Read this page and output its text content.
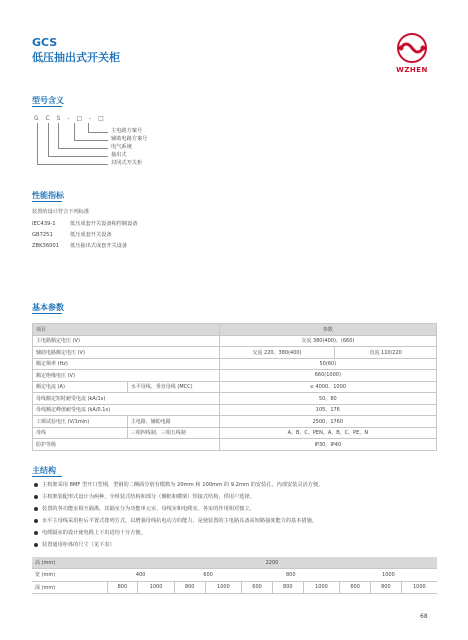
GCS
低压抽出式开关柜
WZHEN
型号含义
G C S - □ - □
主电路方案号
辅助电路方案号
电气系统
抽出式
封闭式开关柜
性能指标
装置的设计符合下列标准
IEC439-1	低压成套开关设备和控制设备
GB7251	低压成套开关设备
ZBK36001 低压抽出式成套开关设备
基本参数
项目		参数	
主电路额定电压 (V)		交流 380(400)、(660)	
辅助电路额定电压 (V)		交流 220、380(400)	直流 110/220
额定频率 (Hz)		50(60)	
额定绝缘电压 (V)		660(1000)	
额定电流 (A)	水平母线、垂直母线 (MCC)	≤ 4000、1000	
母线额定短时耐受电流 (kA/1s)		50、80	
母线额定峰值耐受电流 (kA/0.1s)		105、176	
工频试验电压 (V/1min)	主电路、辅助电路	2500、1760	
母线	三相四线制、三相五线制	A、B、C、PEN、A、B、C、PE、N	
防护等级		IP30、IP40	
主结构
主构架采用 8MF 型开口型钢，型钢的二侧面分别有模数为 20mm 和 100mm 的 9.2mm 的安装孔，内部安装灵活方便。
主构架装配形式设计为两种，全组装式结构和部分（侧框和横梁）焊接式结构，供用户选择。
装置的各功能室相互隔离，其隔室分为功能单元室、母线室和电缆室，各室的作用相对独立。
水平主母线采用柜后平置式排列方式，以增强母线抗电动力的能力，是使装置的主电路具备高短路强度能力的基本措施。
电缆隔室的设计使电缆上下出进均十分方便。
装置通用柜体的尺寸（见下表）
高 (mm)	2200									
宽 (mm)	400		600		800			1000		
深 (mm)	800	1000	800	1000	600	800	1000	600	800	1000
68
